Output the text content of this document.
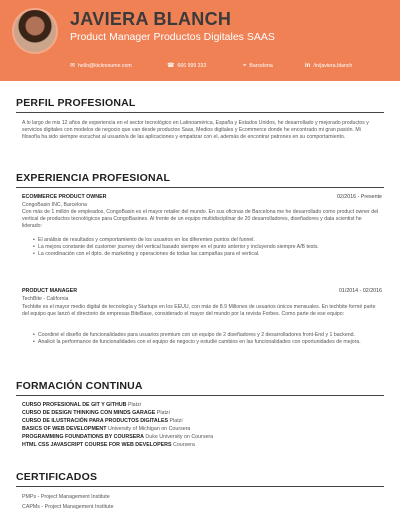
JAVIERA BLANCH
Product Manager Productos Digitales SAAS
✉ hello@kickresume.com	☎ 666 999 333	⌖ Barcelona	in /in/javiera.blanch
PERFIL PROFESIONAL
A lo largo de mis 12 años de experiencia en el sector tecnológico en Latinoamérica, España y Estados Unidos, he desarrollado y mejorado productos y servicios digitales con modelos de negocio que van desde productos Saas, Medios digitales y Ecommerce donde he encontrado mi gran pasión. Mi filosofía ha sido siempre escuchar al usuario/a de las aplicaciones y empatizar con el, además de encontrar patrones en su comportamiento.
EXPERIENCIA PROFESIONAL
ECOMMERCE PRODUCT OWNER	02/2016 - Presente
CongoBasin INC, Barcelona
Con más de 1 millón de empleados, CongoBasin es el mayor retailer del mundo. En sus oficinas de Barcelona me he desarrollado como product owner del vertical de productos tecnológicos para CongoBasines. Al frente de un equipo multidisciplinar de 20 desarrolladores, diseñadores y data scientist he liderado:
• El análisis de resultados y comportamiento de los usuarios en los diferentes puntos del funnel.
• La mejora constante del customer journey del vertical basado siempre en el punto anterior y incluyendo siempre A/B tests.
• La coordinación con el dpto. de marketing y operaciones de todas las campañas para el vertical.
PRODUCT MANAGER	01/2014 - 02/2016
TechBite - California
Techbite es el mayor medio digital de tecnología y Startups en los EEUU, con más de 8.9 Millones de usuarios únicos mensuales. En techbite formé parte del equipo que lanzó el directorio de empresas BiteBase, considerado el mayor del mundo por la revista Forbes. Como parte de ese equipo:
• Coordiné el diseño de funcionalidades para usuarios premium con un equipo de 2 diseñadores y 2 desarrolladores front-End y 1 backend.
• Analicé la performance de funcionalidades con el equipo de negocio y estudié cambios en las funcionalidades con oportunidades de mejora.
FORMACIÓN CONTINUA
CURSO PROFESIONAL DE GIT Y GITHUB Platzi
CURSO DE DESIGN THINKING CON MINDS GARAGE Platzi
CURSO DE ILUSTRACIÓN PARA PRODUCTOS DIGITALES Platzi
BASICS OF WEB DEVELOPMENT University of Michigan on Coursera
PROGRAMMING FOUNDATIONS BY COURSERA Duke University on Coursera
HTML CSS JAVASCRIPT COURSE FOR WEB DEVELOPERS Coursera
CERTIFICADOS
PMPs - Project Management Institute
CAPMs - Project Management Institute
